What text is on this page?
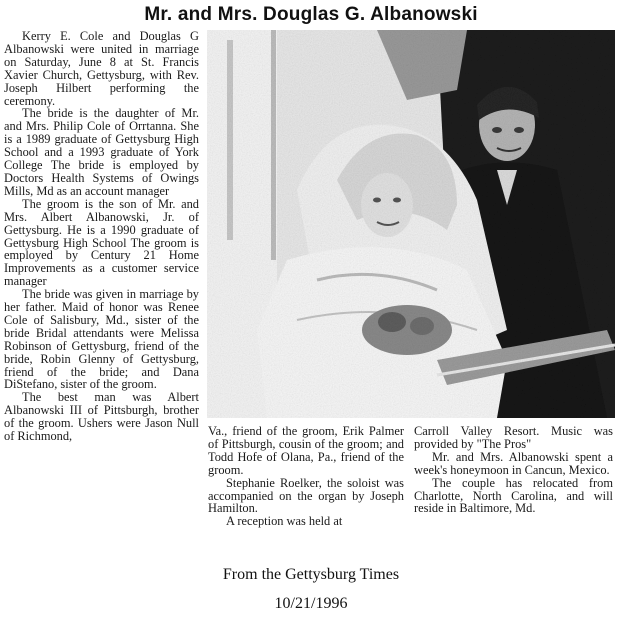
Mr. and Mrs. Douglas G. Albanowski

Kerry E. Cole and Douglas G Albanowski were united in marriage on Saturday, June 8 at St. Francis Xavier Church, Gettysburg, with Rev. Joseph Hilbert performing the ceremony.

The bride is the daughter of Mr. and Mrs. Philip Cole of Orrtanna. She is a 1989 graduate of Gettysburg High School and a 1993 graduate of York College The bride is employed by Doctors Health Systems of Owings Mills, Md as an account manager

The groom is the son of Mr. and Mrs. Albert Albanowski, Jr. of Gettysburg. He is a 1990 graduate of Gettysburg High School The groom is employed by Century 21 Home Improvements as a customer service manager

The bride was given in marriage by her father. Maid of honor was Renee Cole of Salisbury, Md., sister of the bride Bridal attendants were Melissa Robinson of Gettysburg, friend of the bride, Robin Glenny of Gettysburg, friend of the bride; and Dana DiStefano, sister of the groom.

The best man was Albert Albanowski III of Pittsburgh, brother of the groom. Ushers were Jason Null of Richmond,	Va., friend of the groom, Erik Palmer of Pittsburgh, cousin of the groom; and Todd Hofe of Olana, Pa., friend of the groom.

Stephanie Roelker, the soloist was accompanied on the organ by Joseph Hamilton.

A reception was held at

Carroll Valley Resort. Music was provided by "The Pros"

Mr. and Mrs. Albanowski spent a week's honeymoon in Cancun, Mexico.

The couple has relocated from Charlotte, North Carolina, and will reside in Baltimore, Md.

From the Gettysburg Times
10/21/1996
